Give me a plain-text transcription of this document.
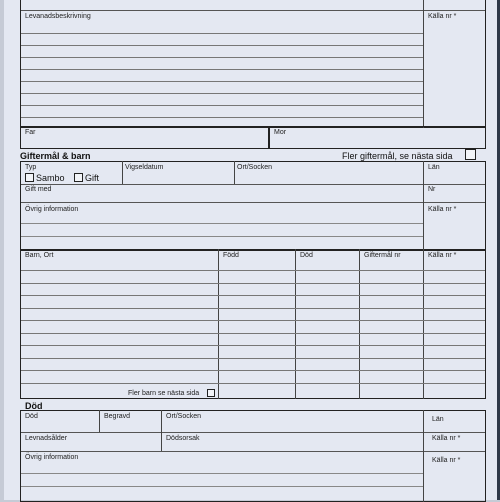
Levanadsbeskrivning	Källa nr *
Far	Mor
Giftermål & barn	Fler giftermål, se nästa sida
Typ
Sambo Gift
Vigseldatum	Ort/Socken	Län
Gift med	Nr
Övrig information	Källa nr *
Barn, Ort	Född	Död	Giftermål nr	Källa nr *
Fler barn se nästa sida
Död
Död	Begravd	Ort/Socken	Län
Levnadsålder	Dödsorsak	Källa nr *
Övrig information	Källa nr *
